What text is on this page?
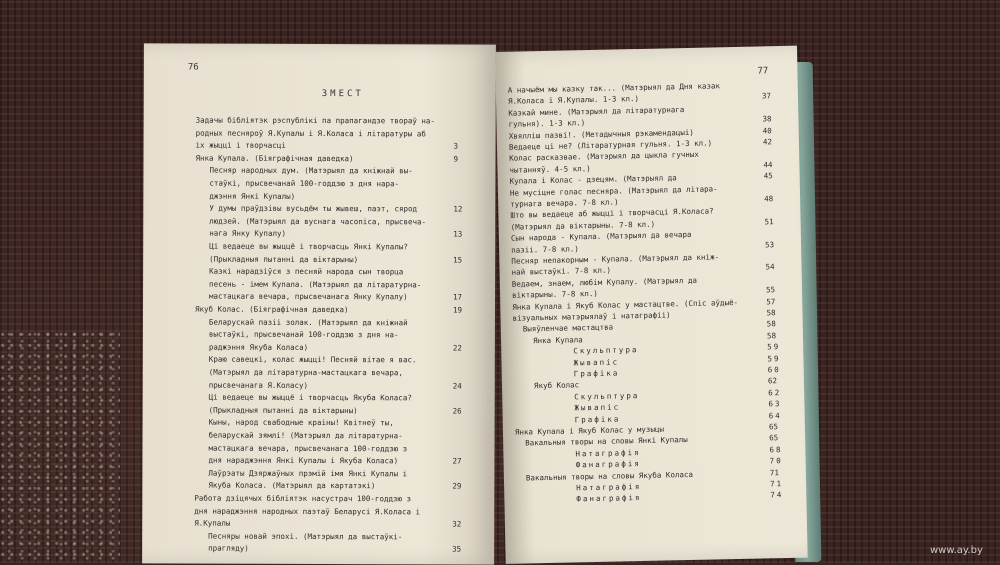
76
ЗМЕСТ
Задачы бібліятэк рэспублікі па прапагандзе твораў на-
родных песняроў Я.Купалы і Я.Коласа і літаратуры аб
іх жыцці і творчасці	3
Янка Купала. (Біяграфічная даведка)	9
Песняр народных дум. (Матэрыял да кніжнай вы-
стаўкі, прысвечанай 100-годдзю з дня нара-
джэння Янкі Купалы)
У думы праўдзівы вусьдём ты жывеш, паэт, сярод	12
людзей. (Матэрыял да вуснага часопіса, прысвеча-
нага Янку Купалу)	13
Ці ведаеце вы жыццё і творчасць Янкі Купалы?
(Прыкладныя пытанні да віктарыны)	15
Казкі нарадзіўся з песняй народа сын творца
песень - імем Купала. (Матэрыял да літаратурна-
мастацкага вечара, прысвечанага Янку Купалу)	17
Якуб Колас. (Біяграфічная даведка)	19
Беларускай пазіі золак. (Матэрыял да кніжнай
выстаўкі, прысвечанай 100-годдзю з дня на-
раджэння Якуба Коласа)	22
Краю савецкі, колас жыцці! Песняй вітае я вас.
(Матэрыял да літаратурна-мастацкага вечара,
прысвечанага Я.Коласу)	24
Ці ведаеце вы жыццё і творчасць Якуба Коласа?
(Прыкладныя пытанні да віктарыны)	26
Кыны, народ свабодные краіны! Квітнеў ты,
беларускай зямлі! (Матэрыял да літаратурна-
мастацкага вечара, прысвечанага 100-годдзю з
дня нараджэння Янкі Купалы і Якуба Коласа)	27
Лаўрэаты Дзяржаўных прэмій імя Янкі Купалы і
Якуба Коласа. (Матэрыял да картатэкі)	29
Работа дзіцячых бібліятэк насустрач 100-годдзю з
дня нараджэння народных паэтаў Беларусі Я.Коласа і
Я.Купалы	32
Песняры новай эпохі. (Матэрыял да выстаўкі-
прагляду)	35
77
А начыём мы казку так... (Матэрыял да Дня казак
Я.Коласа і Я.Купалы. 1-3 кл.)	37
Казкай мине. (Матэрыял да літаратурнага
гульня). 1-3 кл.)	38
Хвялліш пазві!. (Метадычныя рэкамендацыі)	40
Ведаеце ці не? (Літаратурная гульня. 1-3 кл.)	42
Колас расказвае. (Матэрыял да цыкла гучных
чытанняў. 4-5 кл.)	44
Купала і Колас - дзецям. (Матэрыял да	45
Не мусіцне голас песняра. (Матэрыял да літара-
турнага вечара. 7-8 кл.)	48
Што вы ведаеце аб жыцці і творчасці Я.Коласа?
(Матэрыял да віктарыны. 7-8 кл.)	51
Сын народа - Купала. (Матэрыял да вечара
пазіі. 7-8 кл.)	53
Песняр непакорным - Купала. (Матэрыял да кніж-
най выстаўкі. 7-8 кл.)	54
Ведаем, знаем, любім Купалу. (Матэрыял да
віктарыны. 7-8 кл.)	55
Янка Купала і Якуб Колас у мастацтве. (Спіс аўдыё-	57
візуальных матэрыялаў і натаграфіі)	58
Выяўленчае мастацтва	58
Янка Купала	58
Скульптура	59
Жывапіс	59
Графіка	60
Якуб Колас	62
Скульптура	62
Жывапіс	63
Графіка	64
Янка Купала і Якуб Колас у музыцы	65
Вакальныя творы на словы Янкі Купалы	65
Натаграфія	68
Фанаграфія	70
Вакальныя творы на словы Якуба Коласа	71
Натаграфія	71
Фанаграфія	74
www.ay.by
